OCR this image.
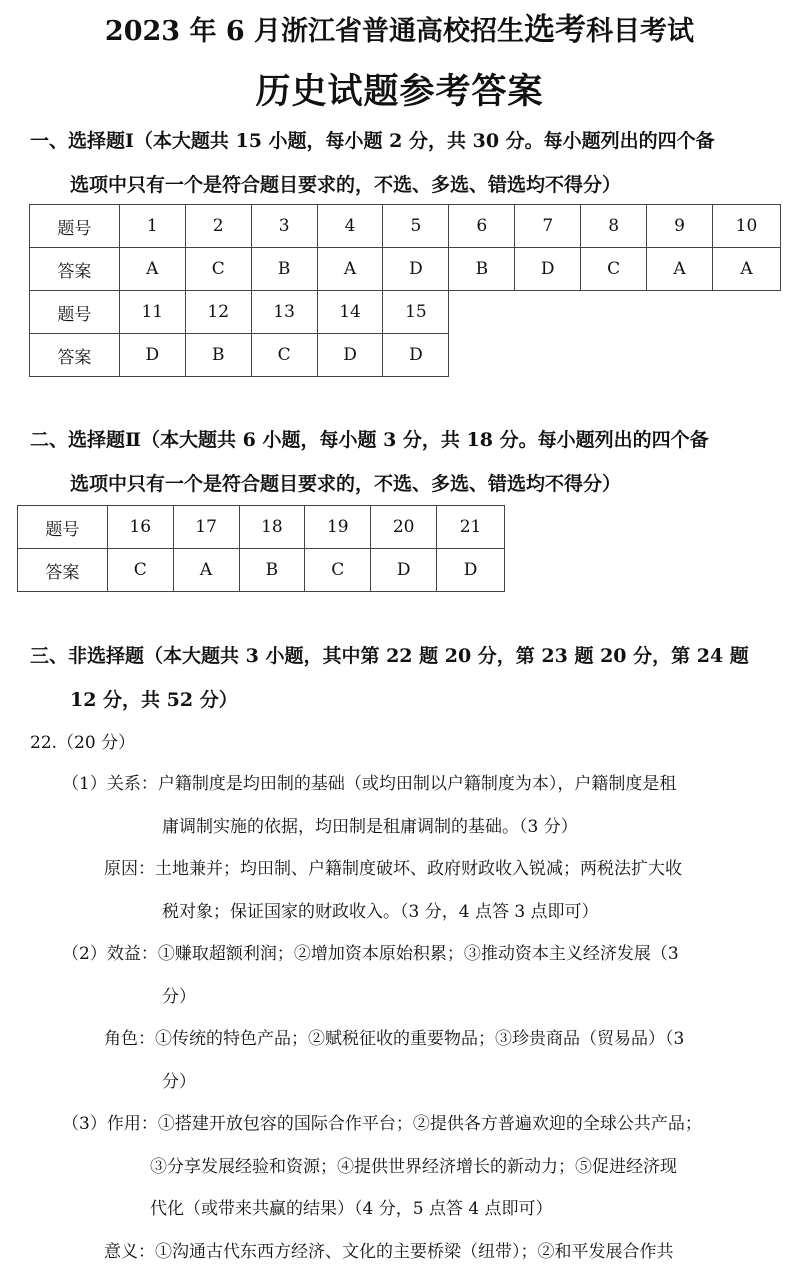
2023 年 6 月浙江省普通高校招生选考科目考试
历史试题参考答案
一、选择题Ⅰ（本大题共 15 小题，每小题 2 分，共 30 分。每小题列出的四个备
选项中只有一个是符合题目要求的，不选、多选、错选均不得分）
题号	1	2	3	4	5	6	7	8	9	10
答案	A	C	B	A	D	B	D	C	A	A
题号	11	12	13	14	15					
答案	D	B	C	D	D					
二、选择题Ⅱ（本大题共 6 小题，每小题 3 分，共 18 分。每小题列出的四个备
选项中只有一个是符合题目要求的，不选、多选、错选均不得分）
题号	16	17	18	19	20	21
答案	C	A	B	C	D	D
三、非选择题（本大题共 3 小题，其中第 22 题 20 分，第 23 题 20 分，第 24 题
12 分，共 52 分）
22.（20 分）
（1）关系：户籍制度是均田制的基础（或均田制以户籍制度为本），户籍制度是租
庸调制实施的依据，均田制是租庸调制的基础。（3 分）
原因：土地兼并；均田制、户籍制度破坏、政府财政收入锐减；两税法扩大收
税对象；保证国家的财政收入。（3 分，4 点答 3 点即可）
（2）效益：①赚取超额利润；②增加资本原始积累；③推动资本主义经济发展（3
分）
角色：①传统的特色产品；②赋税征收的重要物品；③珍贵商品（贸易品）（3
分）
（3）作用：①搭建开放包容的国际合作平台；②提供各方普遍欢迎的全球公共产品；
③分享发展经验和资源；④提供世界经济增长的新动力；⑤促进经济现
代化（或带来共赢的结果）（4 分，5 点答 4 点即可）
意义：①沟通古代东西方经济、文化的主要桥梁（纽带）；②和平发展合作共
